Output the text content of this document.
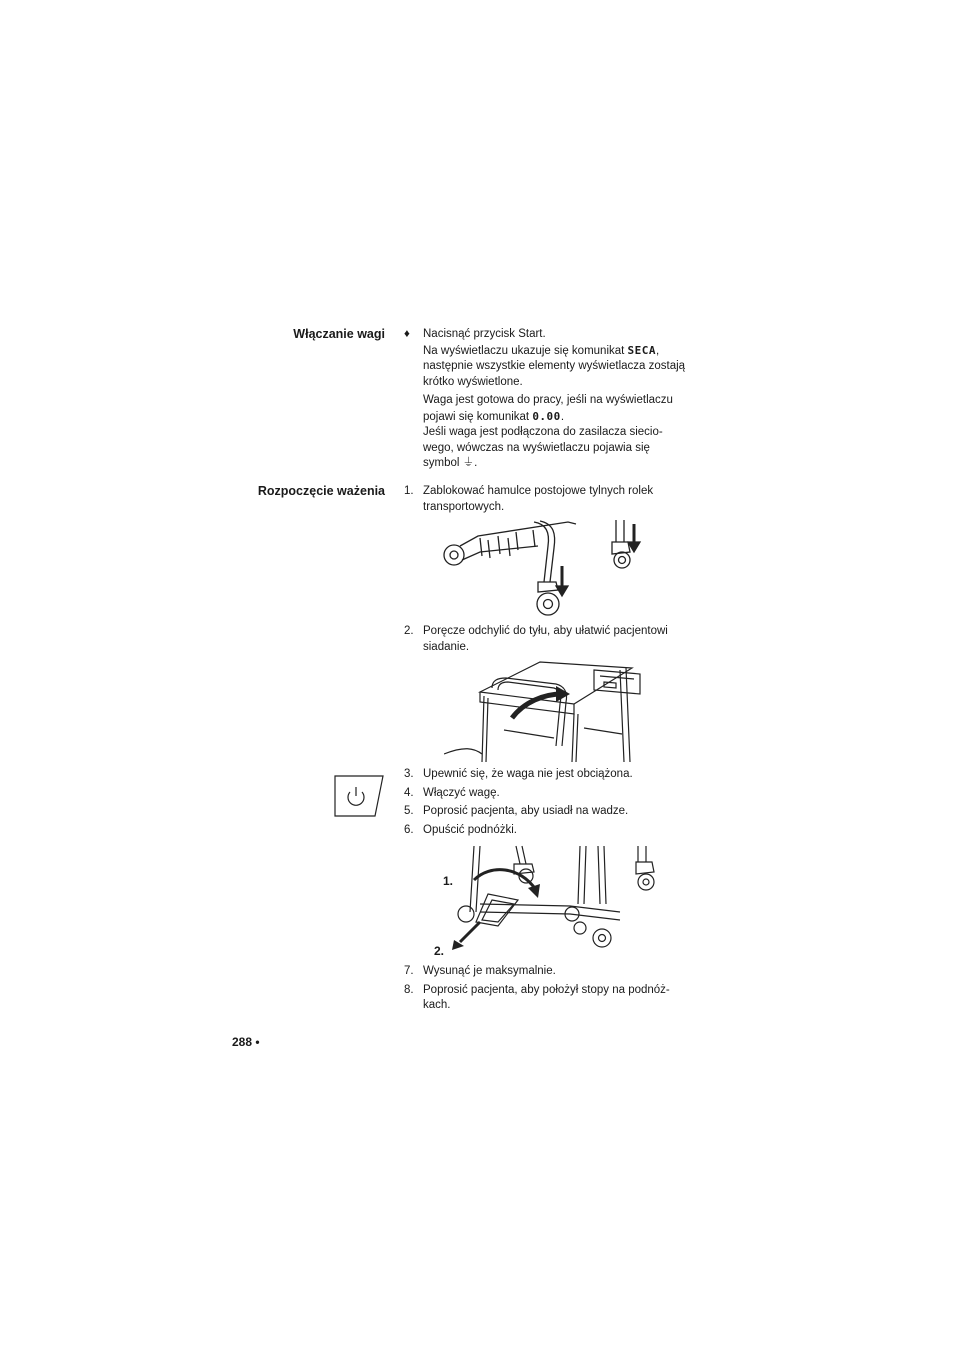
Włączanie wagi ♦	Nacisnąć przycisk Start.

Na wyświetlaczu ukazuje się komunikat SECA,

następnie wszystkie elementy wyświetlacza zostają

krótko wyświetlone.

Waga jest gotowa do pracy, jeśli na wyświetlaczu

pojawi się komunikat 0.00.

Jeśli waga jest podłączona do zasilacza siecio-

wego, wówczas na wyświetlaczu pojawia się

symbol ⏚.

Rozpoczęcie ważenia 1. Zablokować hamulce postojowe tylnych rolek

transportowych.

2. Poręcze odchylić do tyłu, aby ułatwić pacjentowi

siadanie.

3. Upewnić się, że waga nie jest obciążona.

4. Włączyć wagę.

5. Poprosić pacjenta, aby usiadł na wadze.

6. Opuścić podnóżki.

1.
2.
7. Wysunąć je maksymalnie.

8. Poprosić pacjenta, aby położył stopy na podnóż-

kach.

288 •
